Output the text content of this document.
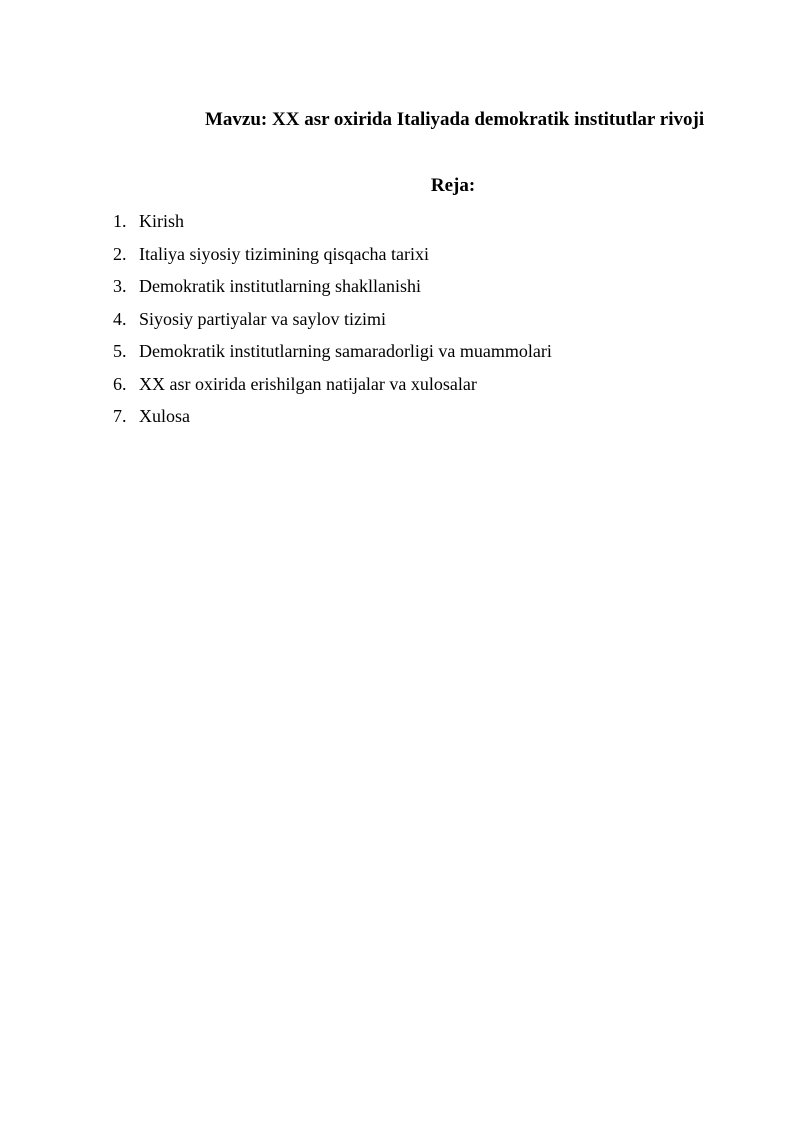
Mavzu: XX asr oxirida Italiyada demokratik institutlar rivoji
Reja:
1. Kirish
2. Italiya siyosiy tizimining qisqacha tarixi
3. Demokratik institutlarning shakllanishi
4. Siyosiy partiyalar va saylov tizimi
5. Demokratik institutlarning samaradorligi va muammolari
6. XX asr oxirida erishilgan natijalar va xulosalar
7. Xulosa
